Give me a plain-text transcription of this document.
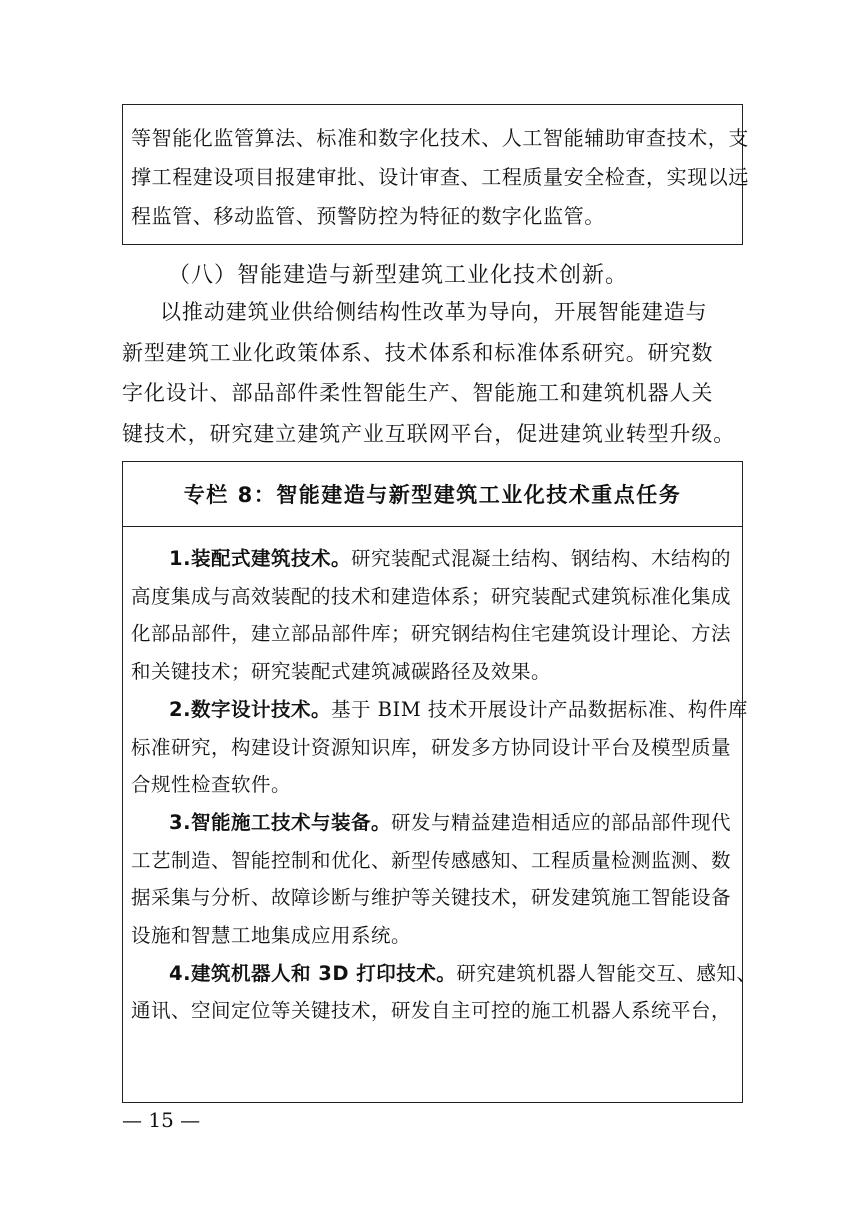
等智能化监管算法、标准和数字化技术、人工智能辅助审查技术，支
撑工程建设项目报建审批、设计审查、工程质量安全检查，实现以远
程监管、移动监管、预警防控为特征的数字化监管。
（八）智能建造与新型建筑工业化技术创新。
以推动建筑业供给侧结构性改革为导向，开展智能建造与
新型建筑工业化政策体系、技术体系和标准体系研究。研究数
字化设计、部品部件柔性智能生产、智能施工和建筑机器人关
键技术，研究建立建筑产业互联网平台，促进建筑业转型升级。
专栏 8：智能建造与新型建筑工业化技术重点任务
1.装配式建筑技术。研究装配式混凝土结构、钢结构、木结构的
高度集成与高效装配的技术和建造体系；研究装配式建筑标准化集成
化部品部件，建立部品部件库；研究钢结构住宅建筑设计理论、方法
和关键技术；研究装配式建筑减碳路径及效果。
2.数字设计技术。基于 BIM 技术开展设计产品数据标准、构件库
标准研究，构建设计资源知识库，研发多方协同设计平台及模型质量
合规性检查软件。
3.智能施工技术与装备。研发与精益建造相适应的部品部件现代
工艺制造、智能控制和优化、新型传感感知、工程质量检测监测、数
据采集与分析、故障诊断与维护等关键技术，研发建筑施工智能设备
设施和智慧工地集成应用系统。
4.建筑机器人和 3D 打印技术。研究建筑机器人智能交互、感知、
通讯、空间定位等关键技术，研发自主可控的施工机器人系统平台，
— 15 —
